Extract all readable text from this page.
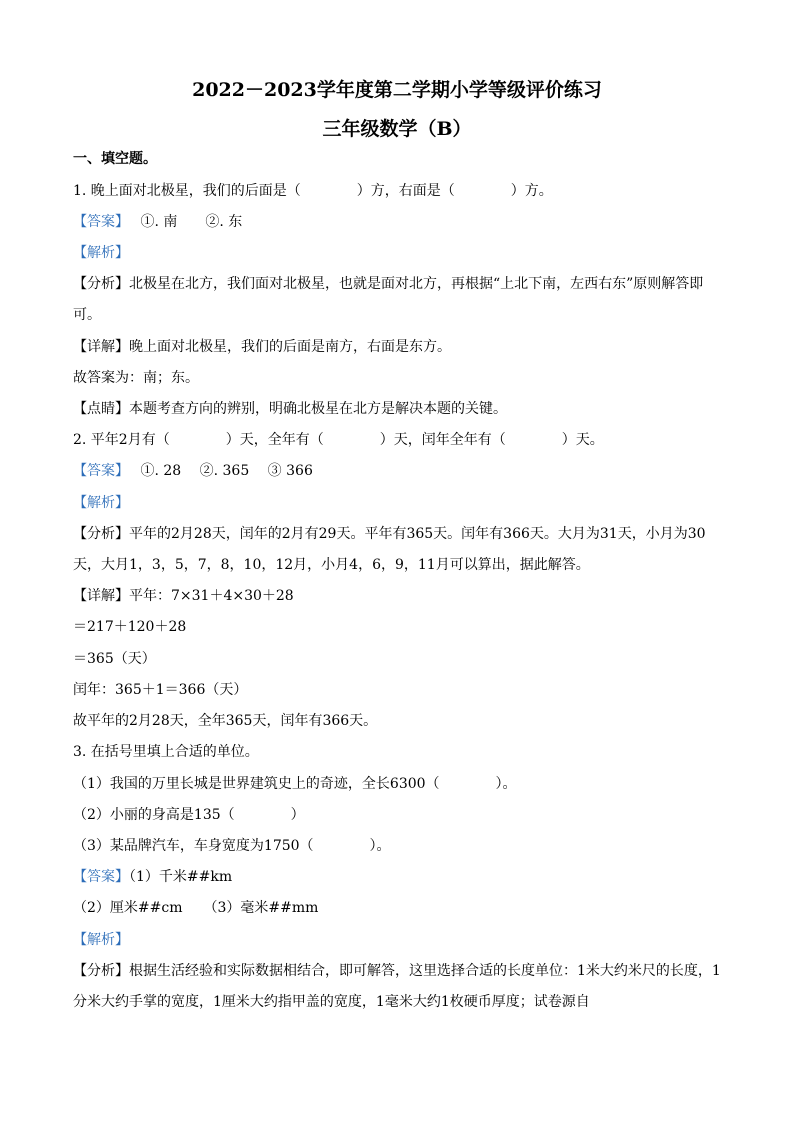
2022－2023学年度第二学期小学等级评价练习
三年级数学（B）
一、填空题。
1. 晚上面对北极星，我们的后面是（　　　　）方，右面是（　　　　）方。
【答案】　 ①. 南　　②. 东
【解析】
【分析】北极星在北方，我们面对北极星，也就是面对北方，再根据“上北下南，左西右东”原则解答即
可。
【详解】晚上面对北极星，我们的后面是南方，右面是东方。
故答案为：南；东。
【点睛】本题考查方向的辨别，明确北极星在北方是解决本题的关键。
2. 平年2月有（　　　　）天，全年有（　　　　）天，闰年全年有（　　　　）天。
【答案】　 ①. 28　 ②. 365　 ③ 366
【解析】
【分析】平年的2月28天，闰年的2月有29天。平年有365天。闰年有366天。大月为31天，小月为30
天，大月1，3，5，7，8，10，12月，小月4，6，9，11月可以算出，据此解答。
【详解】平年：7×31＋4×30＋28
＝217＋120＋28
＝365（天）
闰年：365＋1＝366（天）
故平年的2月28天，全年365天，闰年有366天。
3. 在括号里填上合适的单位。
（1）我国的万里长城是世界建筑史上的奇迹，全长6300（　　　　）。
（2）小丽的身高是135（　　　　）
（3）某品牌汽车，车身宽度为1750（　　　　）。
【答案】（1）千米##km
（2）厘米##cm　　（3）毫米##mm
【解析】
【分析】根据生活经验和实际数据相结合，即可解答，这里选择合适的长度单位：1米大约米尺的长度，1
分米大约手掌的宽度，1厘米大约指甲盖的宽度，1毫米大约1枚硬币厚度；试卷源自
